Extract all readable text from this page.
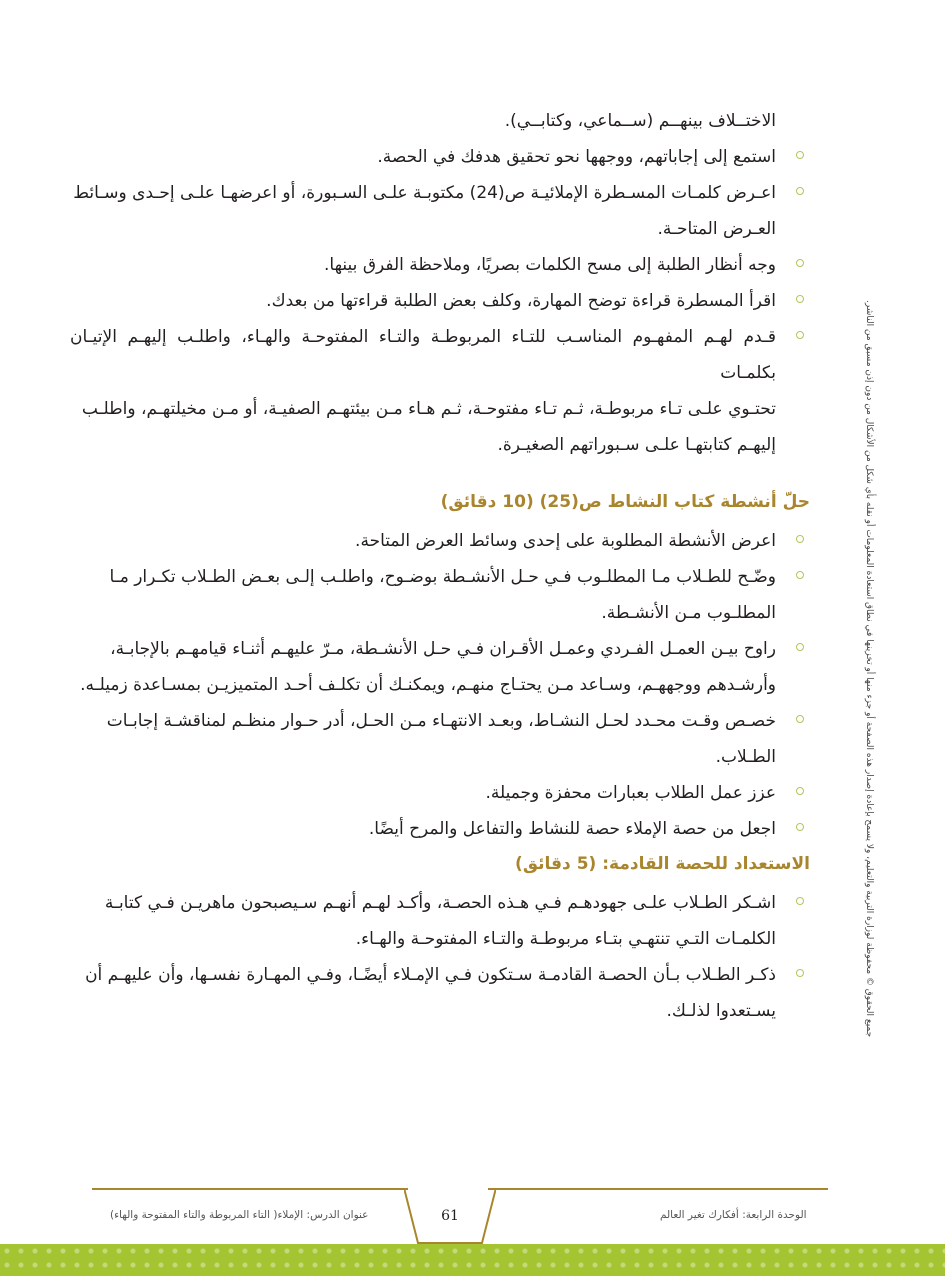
الاختــلاف بينهــم (ســماعي، وكتابــي).

استمع إلى إجاباتهم، ووجهها نحو تحقيق هدفك في الحصة.
اعـرض كلمـات المسـطرة الإملائيـة ص(24) مكتوبـة علـى السـبورة، أو اعرضهـا علـى إحـدى وسـائط
العـرض المتاحـة.
وجه أنظار الطلبة إلى مسح الكلمات بصريًا، وملاحظة الفرق بينها.
اقرأ المسطرة قراءة توضح المهارة، وكلف بعض الطلبة قراءتها من بعدك.
قـدم لهـم المفهـوم المناسـب للتـاء المربوطـة والتـاء المفتوحـة والهـاء، واطلـب إليهـم الإتيـان بكلمـات
تحتـوي علـى تـاء مربوطـة، ثـم تـاء مفتوحـة، ثـم هـاء مـن بيئتهـم الصفيـة، أو مـن مخيلتهـم، واطلـب
إليهـم كتابتهـا علـى سـبوراتهم الصغيـرة.

حلّ أنشطة كتاب النشاط ص(25) (10 دقائق)

اعرض الأنشطة المطلوبة على إحدى وسائط العرض المتاحة.
وضّـح للطـلاب مـا المطلـوب فـي حـل الأنشـطة بوضـوح، واطلـب إلـى بعـض الطـلاب تكـرار مـا
المطلـوب مـن الأنشـطة.
راوح بيـن العمـل الفـردي وعمـل الأقـران فـي حـل الأنشـطة، مـرّ عليهـم أثنـاء قيامهـم بالإجابـة،
وأرشـدهم ووجههـم، وسـاعد مـن يحتـاج منهـم، ويمكنـك أن تكلـف أحـد المتميزيـن بمسـاعدة زميلـه.
خصـص وقـت محـدد لحـل النشـاط، وبعـد الانتهـاء مـن الحـل، أدر حـوار منظـم لمناقشـة إجابـات
الطـلاب.
عزز عمل الطلاب بعبارات محفزة وجميلة.
اجعل من حصة الإملاء حصة للنشاط والتفاعل والمرح أيضًا.

الاستعداد للحصة القادمة: (5 دقائق)

اشـكر الطـلاب علـى جهودهـم فـي هـذه الحصـة، وأكـد لهـم أنهـم سـيصبحون ماهريـن فـي كتابـة
الكلمـات التـي تنتهـي بتـاء مربوطـة والتـاء المفتوحـة والهـاء.
ذكـر الطـلاب بـأن الحصـة القادمـة سـتكون فـي الإمـلاء أيضًـا، وفـي المهـارة نفسـها، وأن عليهـم أن
يسـتعدوا لذلـك.	جميع الحقوق © محفوظة لوزارة التربية والتعليم، ولا يسمح بإعادة إصدار هذه الصفحة أو جزء منها أو تخزينها في نطاق استعادة المعلومات أو نقله بأي شكل من الأشكال من دون إذن مسبق من الناشر.
61
عنوان الدرس: الإملاء( التاء المربوطة والتاء المفتوحة والهاء)	الوحدة الرابعة: أفكارك تغير العالم
